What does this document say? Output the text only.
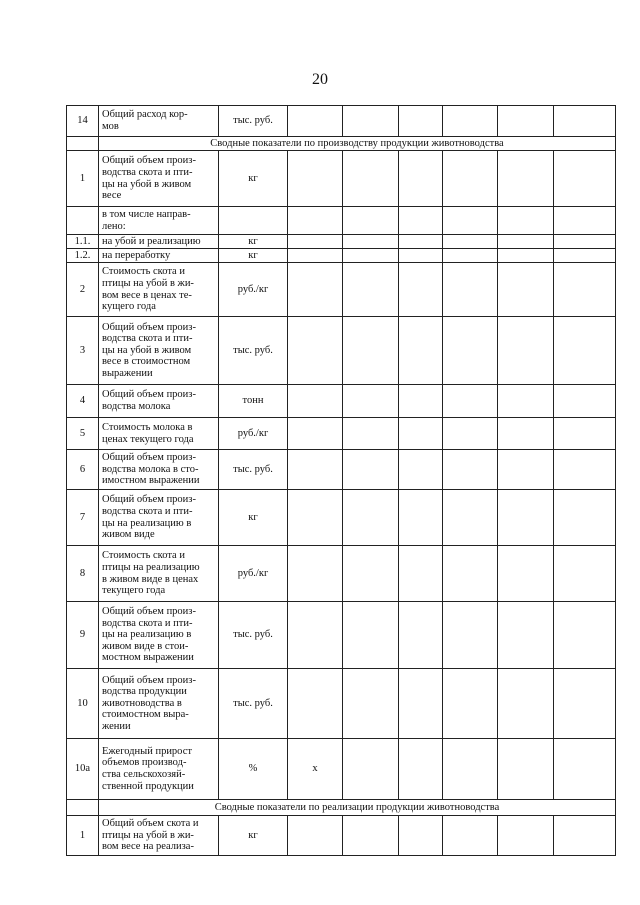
20
14	Общий расход кор-
мов	тыс. руб.						
	Сводные показатели по производству продукции животноводства							
1	Общий объем произ-
водства скота и пти-
цы на убой в живом
весе	кг						
	в том числе направ-
лено:							
1.1.	на убой и реализацию	кг						
1.2.	на переработку	кг						
2	Стоимость скота и
птицы на убой в жи-
вом весе в ценах те-
кущего года	руб./кг						
3	Общий объем произ-
водства скота и пти-
цы на убой в живом
весе в стоимостном
выражении	тыс. руб.						
4	Общий объем произ-
водства молока	тонн						
5	Стоимость молока в
ценах текущего года	руб./кг						
6	Общий объем произ-
водства молока в сто-
имостном выражении	тыс. руб.						
7	Общий объем произ-
водства скота и пти-
цы на реализацию в
живом виде	кг						
8	Стоимость скота и
птицы на реализацию
в живом виде в ценах
текущего года	руб./кг						
9	Общий объем произ-
водства скота и пти-
цы на реализацию в
живом виде в стои-
мостном выражении	тыс. руб.						
10	Общий объем произ-
водства продукции
животноводства в
стоимостном выра-
жении	тыс. руб.						
10а	Ежегодный прирост
объемов производ-
ства сельскохозяй-
ственной продукции	%	х					
	Сводные показатели по реализации продукции животноводства							
1	Общий объем скота и
птицы на убой в жи-
вом весе на реализа-	кг						
